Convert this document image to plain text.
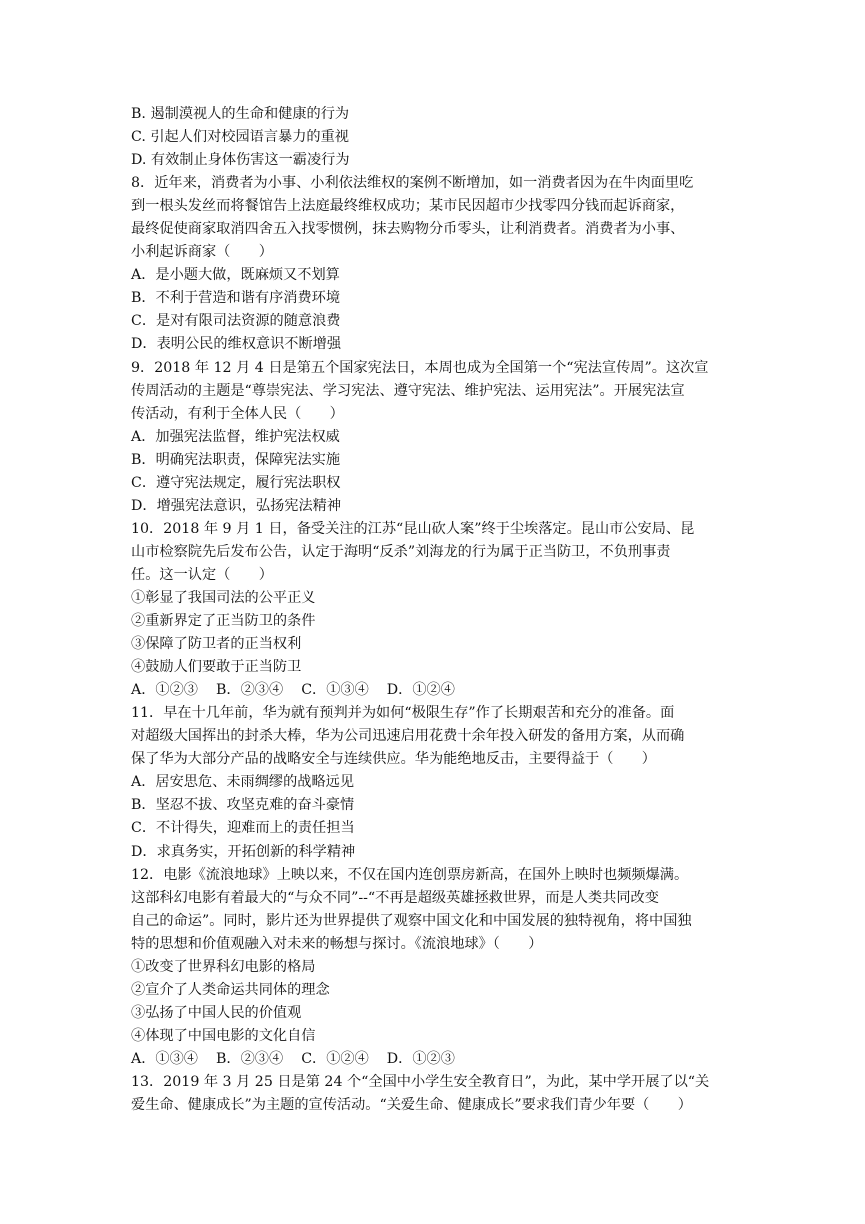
B. 遏制漠视人的生命和健康的行为
C. 引起人们对校园语言暴力的重视
D. 有效制止身体伤害这一霸凌行为
8．近年来，消费者为小事、小利依法维权的案例不断增加，如一消费者因为在牛肉面里吃
到一根头发丝而将餐馆告上法庭最终维权成功；某市民因超市少找零四分钱而起诉商家，
最终促使商家取消四舍五入找零惯例，抹去购物分币零头，让利消费者。消费者为小事、
小利起诉商家（　　）
A．是小题大做，既麻烦又不划算
B．不利于营造和谐有序消费环境
C．是对有限司法资源的随意浪费
D．表明公民的维权意识不断增强
9．2018 年 12 月 4 日是第五个国家宪法日，本周也成为全国第一个“宪法宣传周”。这次宣
传周活动的主题是“尊崇宪法、学习宪法、遵守宪法、维护宪法、运用宪法”。开展宪法宣
传活动，有利于全体人民（　　）
A．加强宪法监督，维护宪法权威
B．明确宪法职责，保障宪法实施
C．遵守宪法规定，履行宪法职权
D．增强宪法意识，弘扬宪法精神
10．2018 年 9 月 1 日，备受关注的江苏“昆山砍人案”终于尘埃落定。昆山市公安局、昆
山市检察院先后发布公告，认定于海明“反杀”刘海龙的行为属于正当防卫，不负刑事责
任。这一认定（　　）
①彰显了我国司法的公平正义
②重新界定了正当防卫的条件
③保障了防卫者的正当权利
④鼓励人们要敢于正当防卫
A．①②③ B．②③④ C．①③④ D．①②④
11．早在十几年前，华为就有预判并为如何“极限生存”作了长期艰苦和充分的准备。面
对超级大国挥出的封杀大棒，华为公司迅速启用花费十余年投入研发的备用方案，从而确
保了华为大部分产品的战略安全与连续供应。华为能绝地反击，主要得益于（　　）
A．居安思危、未雨绸缪的战略远见
B．坚忍不拔、攻坚克难的奋斗豪情
C．不计得失，迎难而上的责任担当
D．求真务实，开拓创新的科学精神
12．电影《流浪地球》上映以来，不仅在国内连创票房新高，在国外上映时也频频爆满。
这部科幻电影有着最大的“与众不同”--“不再是超级英雄拯救世界，而是人类共同改变
自己的命运”。同时，影片还为世界提供了观察中国文化和中国发展的独特视角，将中国独
特的思想和价值观融入对未来的畅想与探讨。《流浪地球》（　　）
①改变了世界科幻电影的格局
②宣介了人类命运共同体的理念
③弘扬了中国人民的价值观
④体现了中国电影的文化自信
A．①③④ B．②③④ C．①②④ D．①②③
13．2019 年 3 月 25 日是第 24 个“全国中小学生安全教育日”，为此，某中学开展了以“关
爱生命、健康成长”为主题的宣传活动。“关爱生命、健康成长”要求我们青少年要（　　）
